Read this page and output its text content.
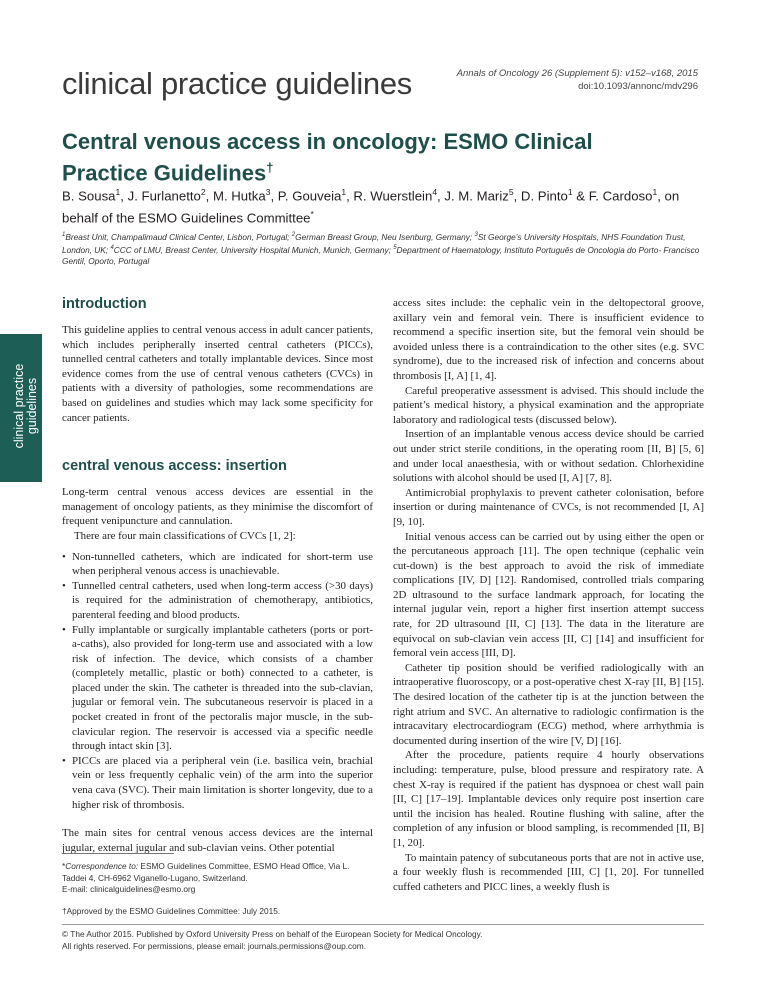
clinical practice guidelines	Annals of Oncology 26 (Supplement 5): v152–v168, 2015
doi:10.1093/annonc/mdv296
Central venous access in oncology: ESMO Clinical Practice Guidelines†
B. Sousa$^1$, J. Furlanetto$^2$, M. Hutka$^3$, P. Gouveia$^1$, R. Wuerstlein$^4$, J. M. Mariz$^5$, D. Pinto$^1$ & F. Cardoso$^1$, on behalf of the ESMO Guidelines Committee*
$^1$Breast Unit, Champalimaud Clinical Center, Lisbon, Portugal; $^2$German Breast Group, Neu Isenburg, Germany; $^3$St George’s University Hospitals, NHS Foundation Trust, London, UK; $^4$CCC of LMU, Breast Center, University Hospital Munich, Munich, Germany; $^5$Department of Haematology, Instituto Português de Oncologia do Porto- Francisco Gentil, Oporto, Portugal
clinical practice guidelines
introduction

This guideline applies to central venous access in adult cancer patients, which includes peripherally inserted central catheters (PICCs), tunnelled central catheters and totally implantable devices. Since most evidence comes from the use of central venous catheters (CVCs) in patients with a diversity of pathologies, some recommendations are based on guidelines and studies which may lack some specificity for cancer patients.

central venous access: insertion

Long-term central venous access devices are essential in the management of oncology patients, as they minimise the discomfort of frequent venipuncture and cannulation.

There are four main classifications of CVCs [1, 2]:

• Non-tunnelled catheters, which are indicated for short-term use when peripheral venous access is unachievable.
• Tunnelled central catheters, used when long-term access (>30 days) is required for the administration of chemotherapy, antibiotics, parenteral feeding and blood products.
• Fully implantable or surgically implantable catheters (ports or port-a-caths), also provided for long-term use and associated with a low risk of infection. The device, which consists of a chamber (completely metallic, plastic or both) connected to a catheter, is placed under the skin. The catheter is threaded into the sub-clavian, jugular or femoral vein. The subcutaneous reservoir is placed in a pocket created in front of the pectoralis major muscle, in the sub-clavicular region. The reservoir is accessed via a specific needle through intact skin [3].
• PICCs are placed via a peripheral vein (i.e. basilica vein, brachial vein or less frequently cephalic vein) of the arm into the superior vena cava (SVC). Their main limitation is shorter longevity, due to a higher risk of thrombosis.

The main sites for central venous access devices are the internal jugular, external jugular and sub-clavian veins. Other potential

access sites include: the cephalic vein in the deltopectoral groove, axillary vein and femoral vein. There is insufficient evidence to recommend a specific insertion site, but the femoral vein should be avoided unless there is a contraindication to the other sites (e.g. SVC syndrome), due to the increased risk of infection and concerns about thrombosis [I, A] [1, 4].

Careful preoperative assessment is advised. This should include the patient’s medical history, a physical examination and the appropriate laboratory and radiological tests (discussed below).

Insertion of an implantable venous access device should be carried out under strict sterile conditions, in the operating room [II, B] [5, 6] and under local anaesthesia, with or without sedation. Chlorhexidine solutions with alcohol should be used [I, A] [7, 8].

Antimicrobial prophylaxis to prevent catheter colonisation, before insertion or during maintenance of CVCs, is not recommended [I, A] [9, 10].

Initial venous access can be carried out by using either the open or the percutaneous approach [11]. The open technique (cephalic vein cut-down) is the best approach to avoid the risk of immediate complications [IV, D] [12]. Randomised, controlled trials comparing 2D ultrasound to the surface landmark approach, for locating the internal jugular vein, report a higher first insertion attempt success rate, for 2D ultrasound [II, C] [13]. The data in the literature are equivocal on sub-clavian vein access [II, C] [14] and insufficient for femoral vein access [III, D].

Catheter tip position should be verified radiologically with an intraoperative fluoroscopy, or a post-operative chest X-ray [II, B] [15]. The desired location of the catheter tip is at the junction between the right atrium and SVC. An alternative to radiologic confirmation is the intracavitary electrocardiogram (ECG) method, where arrhythmia is documented during insertion of the wire [V, D] [16].

After the procedure, patients require 4 hourly observations including: temperature, pulse, blood pressure and respiratory rate. A chest X-ray is required if the patient has dyspnoea or chest wall pain [II, C] [17–19]. Implantable devices only require post insertion care until the incision has healed. Routine flushing with saline, after the completion of any infusion or blood sampling, is recommended [II, B] [1, 20].

To maintain patency of subcutaneous ports that are not in active use, a four weekly flush is recommended [III, C] [1, 20]. For tunnelled cuffed catheters and PICC lines, a weekly flush is

*Correspondence to: ESMO Guidelines Committee, ESMO Head Office, Via L. Taddei 4, CH-6962 Viganello-Lugano, Switzerland.
E-mail: clinicalguidelines@esmo.org
†Approved by the ESMO Guidelines Committee: July 2015.
© The Author 2015. Published by Oxford University Press on behalf of the European Society for Medical Oncology.
All rights reserved. For permissions, please email: journals.permissions@oup.com.
